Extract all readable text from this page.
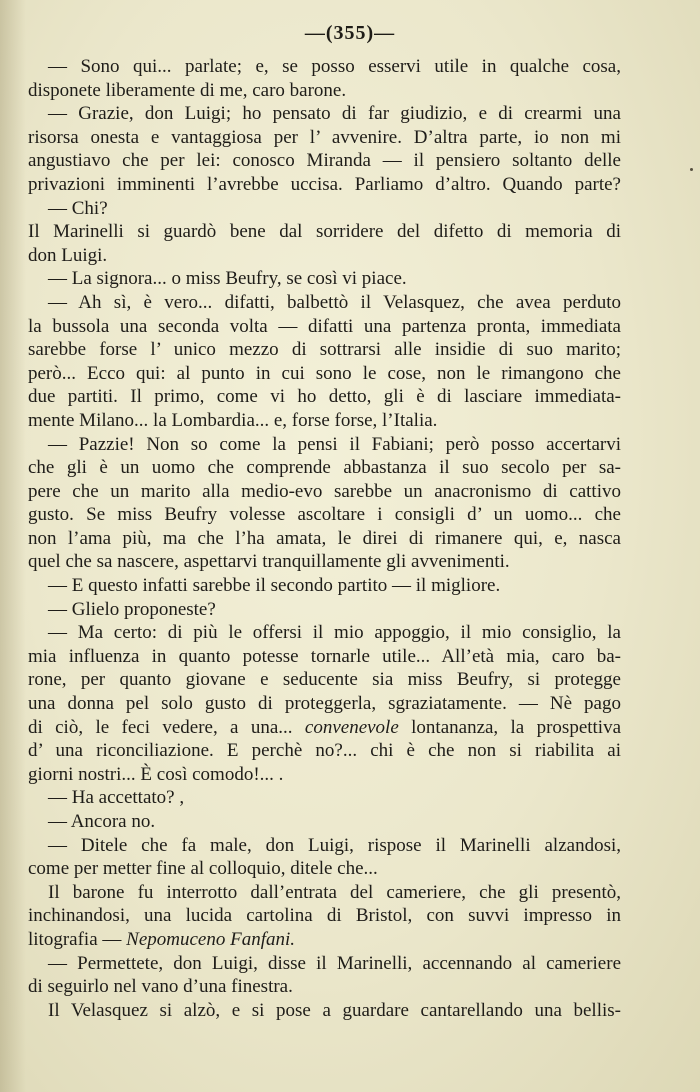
—(355)—
— Sono qui... parlate; e, se posso esservi utile in qualche cosa,
disponete liberamente di me, caro barone.
— Grazie, don Luigi; ho pensato di far giudizio, e di crearmi una
risorsa onesta e vantaggiosa per l’ avvenire. D’altra parte, io non mi
angustiavo che per lei: conosco Miranda — il pensiero soltanto delle
privazioni imminenti l’avrebbe uccisa. Parliamo d’altro. Quando parte?
— Chi?
Il Marinelli si guardò bene dal sorridere del difetto di memoria di
don Luigi.
— La signora... o miss Beufry, se così vi piace.
— Ah sì, è vero... difatti, balbettò il Velasquez, che avea perduto
la bussola una seconda volta — difatti una partenza pronta, immediata
sarebbe forse l’ unico mezzo di sottrarsi alle insidie di suo marito;
però... Ecco qui: al punto in cui sono le cose, non le rimangono che
due partiti. Il primo, come vi ho detto, gli è di lasciare immediata-
mente Milano... la Lombardia... e, forse forse, l’Italia.
— Pazzie! Non so come la pensi il Fabiani; però posso accertarvi
che gli è un uomo che comprende abbastanza il suo secolo per sa-
pere che un marito alla medio-evo sarebbe un anacronismo di cattivo
gusto. Se miss Beufry volesse ascoltare i consigli d’ un uomo... che
non l’ama più, ma che l’ha amata, le direi di rimanere qui, e, nasca
quel che sa nascere, aspettarvi tranquillamente gli avvenimenti.
— E questo infatti sarebbe il secondo partito — il migliore.
— Glielo proponeste?
— Ma certo: di più le offersi il mio appoggio, il mio consiglio, la
mia influenza in quanto potesse tornarle utile... All’età mia, caro ba-
rone, per quanto giovane e seducente sia miss Beufry, si protegge
una donna pel solo gusto di proteggerla, sgraziatamente. — Nè pago
di ciò, le feci vedere, a una... convenevole lontananza, la prospettiva
d’ una riconciliazione. E perchè no?... chi è che non si riabilita ai
giorni nostri... È così comodo!... .
— Ha accettato? ,
— Ancora no.
— Ditele che fa male, don Luigi, rispose il Marinelli alzandosi,
come per metter fine al colloquio, ditele che...
Il barone fu interrotto dall’entrata del cameriere, che gli presentò,
inchinandosi, una lucida cartolina di Bristol, con suvvi impresso in
litografia — Nepomuceno Fanfani.
— Permettete, don Luigi, disse il Marinelli, accennando al cameriere
di seguirlo nel vano d’una finestra.
Il Velasquez si alzò, e si pose a guardare cantarellando una bellis-
